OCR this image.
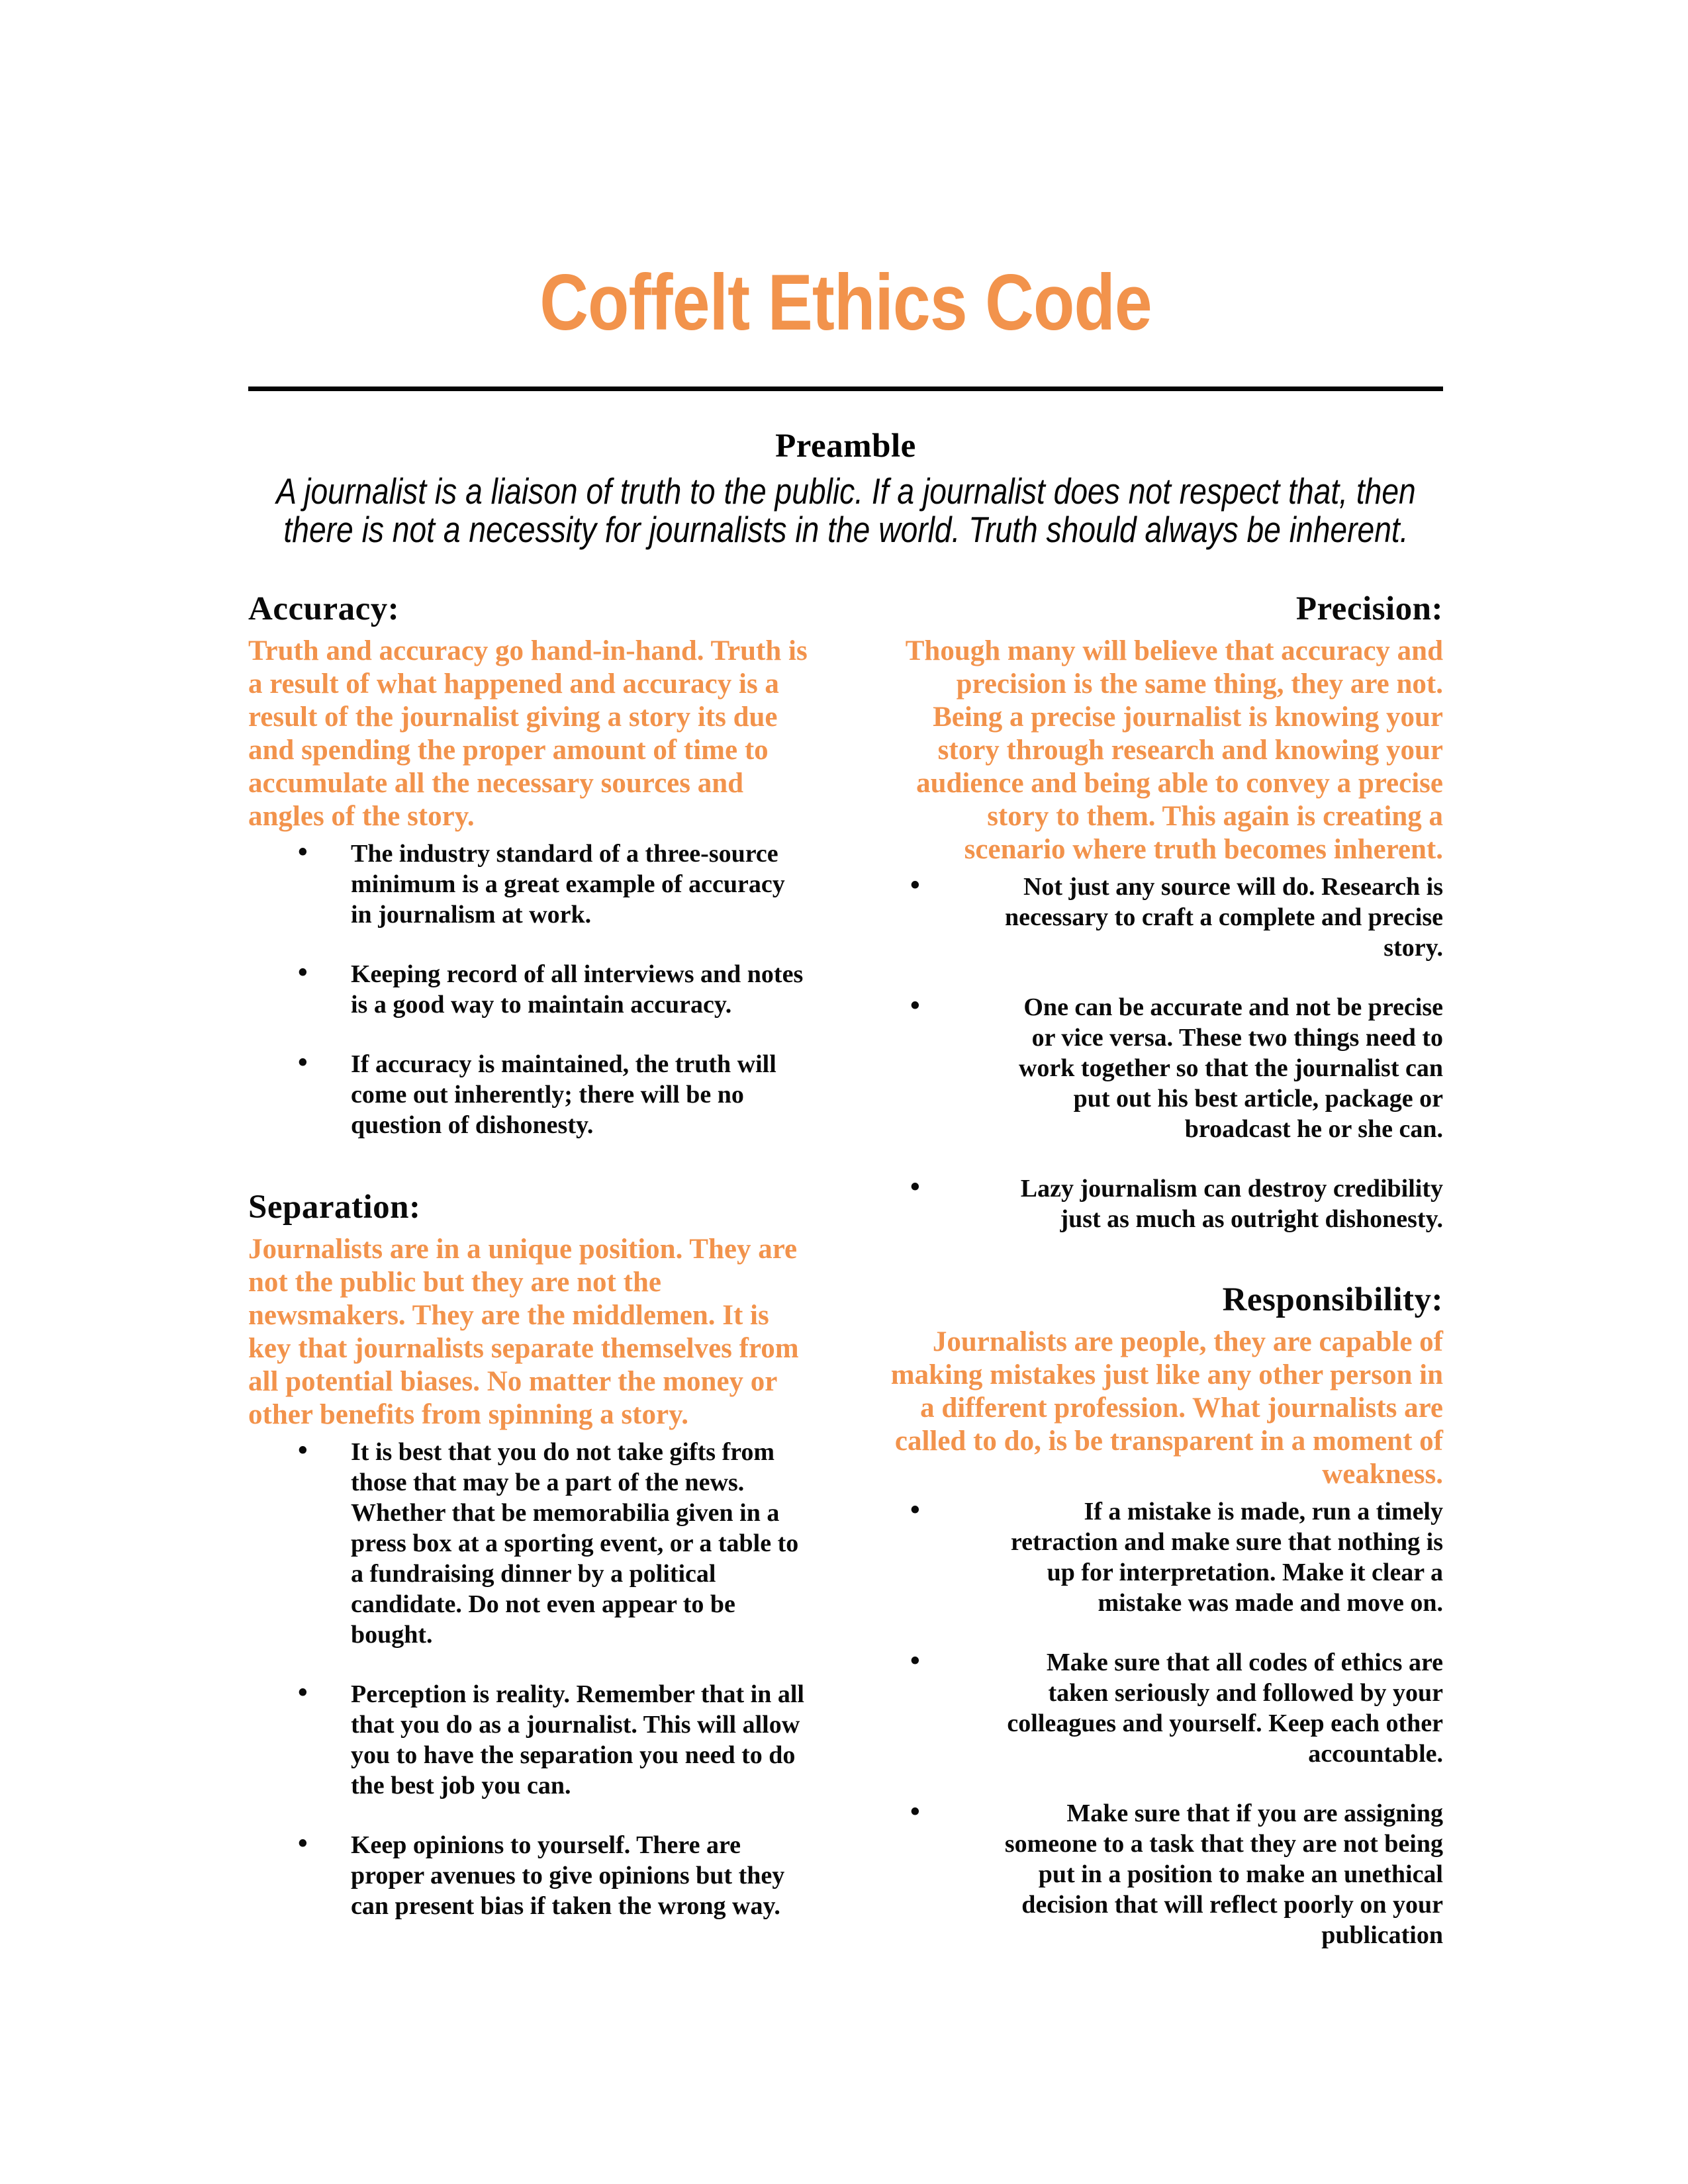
Coffelt Ethics Code
Preamble
A journalist is a liaison of truth to the public. If a journalist does not respect that, then there is not a necessity for journalists in the world. Truth should always be inherent.
Accuracy:

Truth and accuracy go hand-in-hand. Truth is a result of what happened and accuracy is a result of the journalist giving a story its due and spending the proper amount of time to accumulate all the necessary sources and angles of the story.

• The industry standard of a three-source minimum is a great example of accuracy in journalism at work.
• Keeping record of all interviews and notes is a good way to maintain accuracy.
• If accuracy is maintained, the truth will come out inherently; there will be no question of dishonesty.
Separation:

Journalists are in a unique position. They are not the public but they are not the newsmakers. They are the middlemen. It is key that journalists separate themselves from all potential biases. No matter the money or other benefits from spinning a story.

• It is best that you do not take gifts from those that may be a part of the news. Whether that be memorabilia given in a press box at a sporting event, or a table to a fundraising dinner by a political candidate. Do not even appear to be bought.
• Perception is reality. Remember that in all that you do as a journalist. This will allow you to have the separation you need to do the best job you can.
• Keep opinions to yourself. There are proper avenues to give opinions but they can present bias if taken the wrong way.
Precision:

Though many will believe that accuracy and precision is the same thing, they are not. Being a precise journalist is knowing your story through research and knowing your audience and being able to convey a precise story to them. This again is creating a scenario where truth becomes inherent.

•	Not just any source will do. Research is necessary to craft a complete and precise story.
•	One can be accurate and not be precise or vice versa. These two things need to work together so that the journalist can put out his best article, package or broadcast he or she can.
•	Lazy journalism can destroy credibility just as much as outright dishonesty.
Responsibility:

Journalists are people, they are capable of making mistakes just like any other person in a different profession. What journalists are called to do, is be transparent in a moment of weakness.

•	If a mistake is made, run a timely retraction and make sure that nothing is up for interpretation. Make it clear a mistake was made and move on.
•	Make sure that all codes of ethics are taken seriously and followed by your colleagues and yourself. Keep each other accountable.
•	Make sure that if you are assigning someone to a task that they are not being put in a position to make an unethical decision that will reflect poorly on your publication
